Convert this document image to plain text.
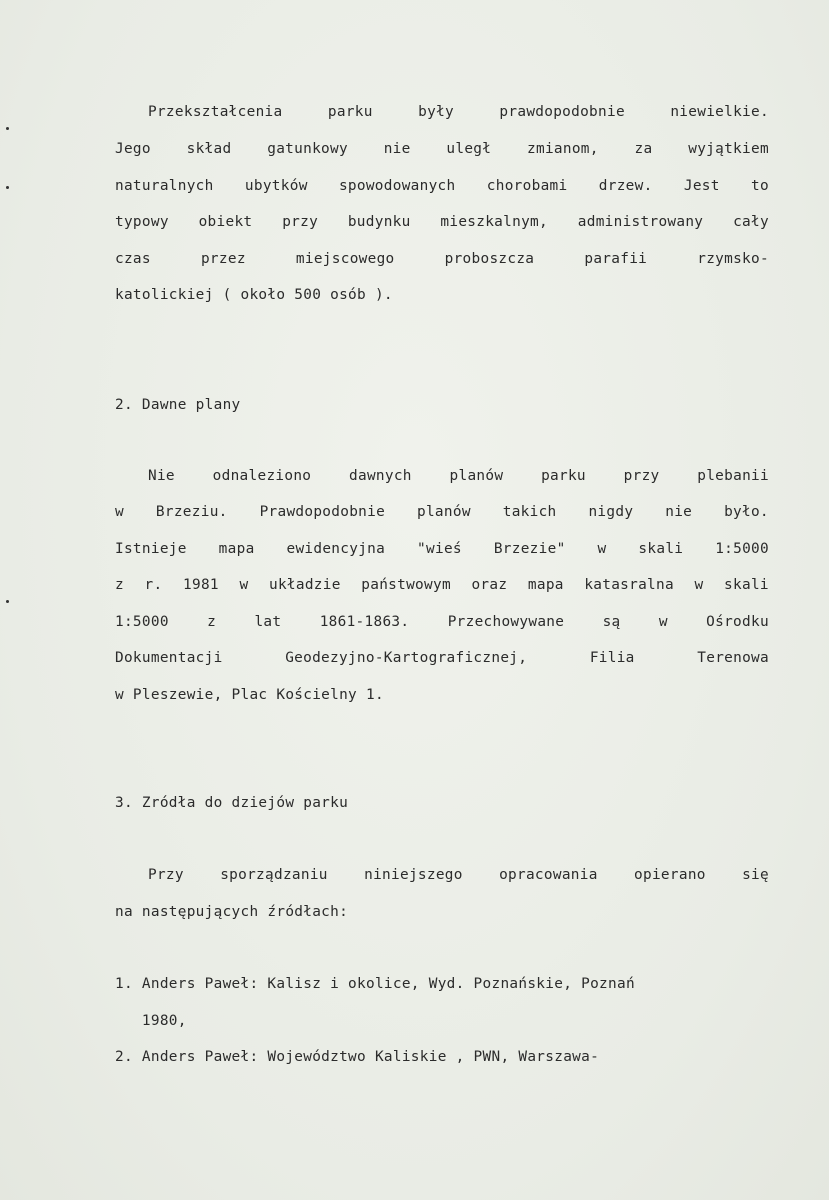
Przekształcenia	parku	były	prawdopodobnie	niewielkie.
Jego skład gatunkowy nie uległ zmianom, za wyjątkiem
naturalnych ubytków spowodowanych chorobami drzew. Jest to
typowy obiekt przy budynku mieszkalnym, administrowany cały
czas	przez	miejscowego	proboszcza	parafii	rzymsko-
katolickiej ( około 500 osób ).
2. Dawne plany
Nie	odnaleziono	dawnych	planów	parku	przy	plebanii
w Brzeziu. Prawdopodobnie planów takich nigdy nie było.
Istnieje mapa ewidencyjna "wieś Brzezie" w skali 1:5000
z r. 1981 w układzie państwowym oraz mapa katasralna w skali
1:5000	z	lat	1861-1863.	Przechowywane	są	w	Ośrodku
Dokumentacji	Geodezyjno-Kartograficznej,	Filia	Terenowa
w Pleszewie, Plac Kościelny 1.
3. Zródła do dziejów parku
Przy	sporządzaniu	niniejszego	opracowania	opierano	się
na następujących źródłach:
1. Anders Paweł: Kalisz i okolice, Wyd. Poznańskie, Poznań
1980,
2. Anders Paweł: Województwo Kaliskie , PWN, Warszawa-
